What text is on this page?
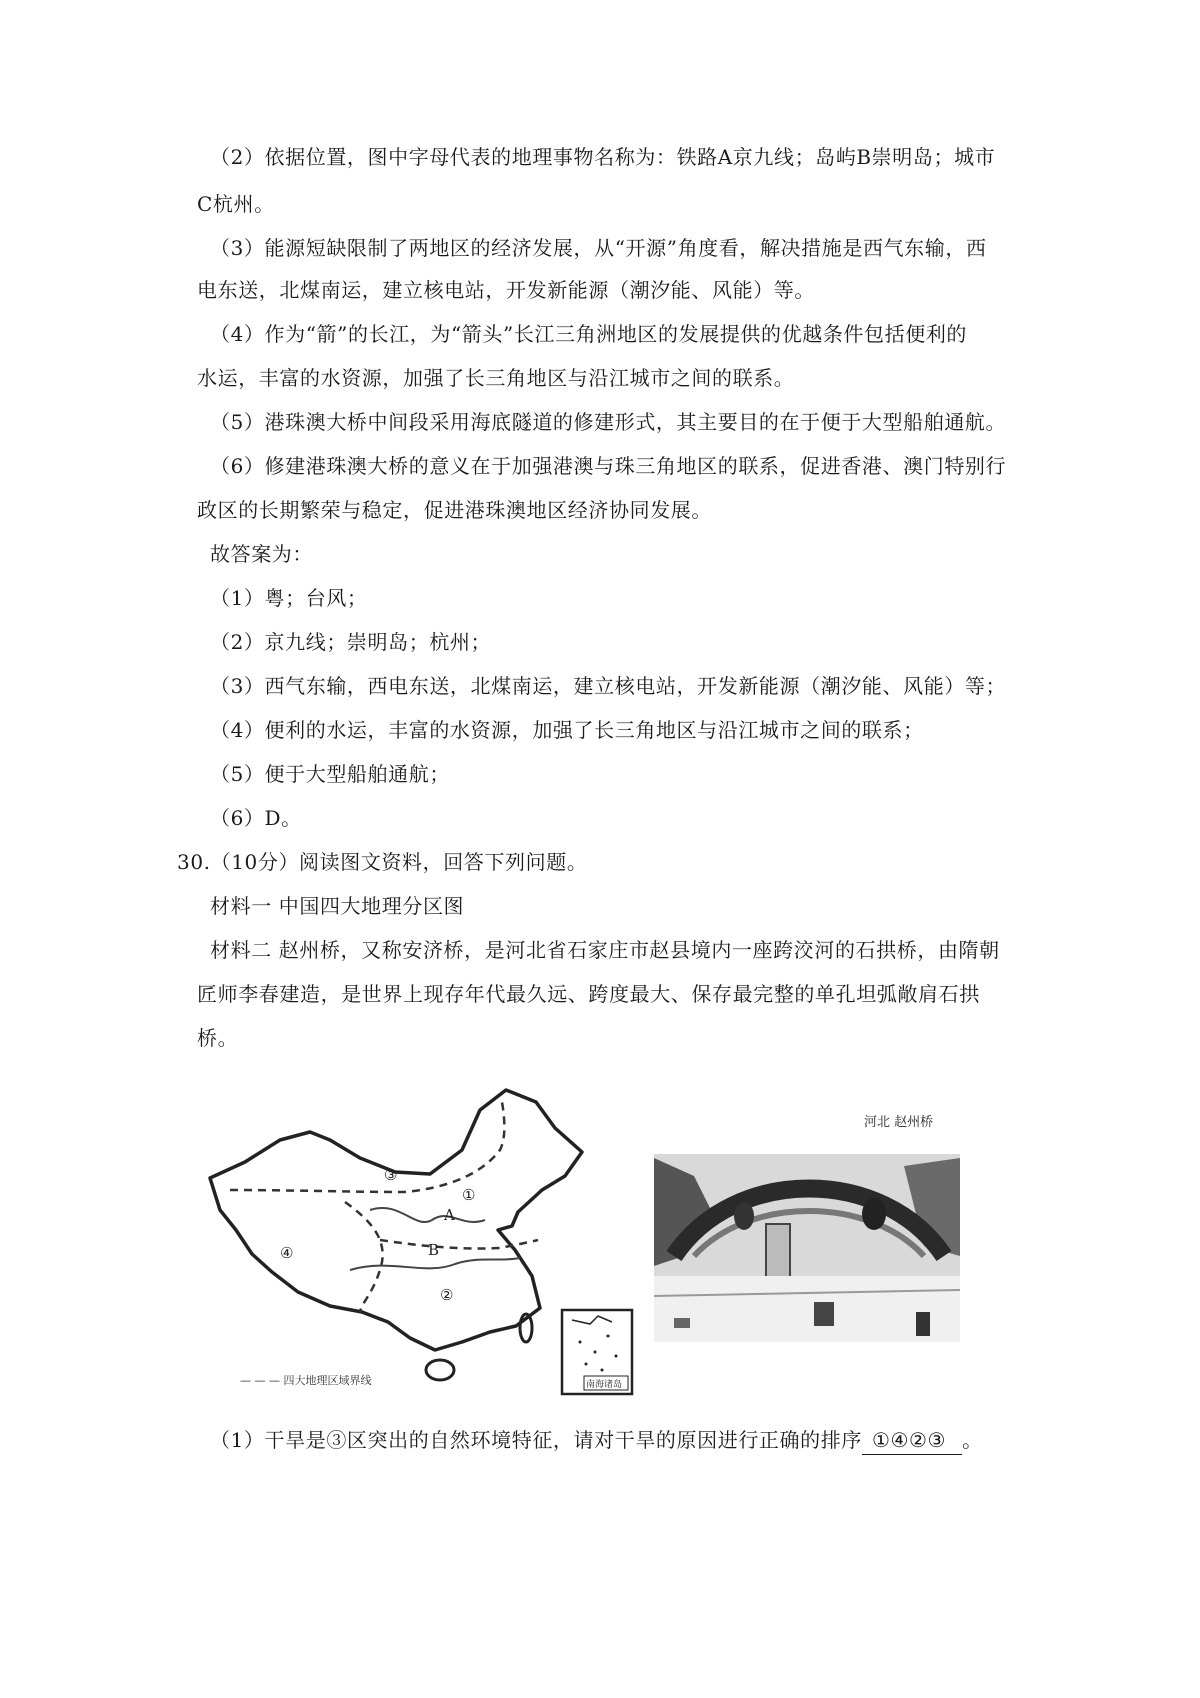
（2）依据位置，图中字母代表的地理事物名称为：铁路A京九线；岛屿B崇明岛；城市
C杭州。
（3）能源短缺限制了两地区的经济发展，从“开源”角度看，解决措施是西气东输，西
电东送，北煤南运，建立核电站，开发新能源（潮汐能、风能）等。
（4）作为“箭”的长江，为“箭头”长江三角洲地区的发展提供的优越条件包括便利的
水运，丰富的水资源，加强了长三角地区与沿江城市之间的联系。
（5）港珠澳大桥中间段采用海底隧道的修建形式，其主要目的在于便于大型船舶通航。
（6）修建港珠澳大桥的意义在于加强港澳与珠三角地区的联系，促进香港、澳门特别行
政区的长期繁荣与稳定，促进港珠澳地区经济协同发展。
故答案为：
（1）粤；台风；
（2）京九线；崇明岛；杭州；
（3）西气东输，西电东送，北煤南运，建立核电站，开发新能源（潮汐能、风能）等；
（4）便利的水运，丰富的水资源，加强了长三角地区与沿江城市之间的联系；
（5）便于大型船舶通航；
（6）D。
30.（10分）阅读图文资料，回答下列问题。
材料一 中国四大地理分区图
材料二 赵州桥，又称安济桥，是河北省石家庄市赵县境内一座跨洨河的石拱桥，由隋朝
匠师李春建造，是世界上现存年代最久远、跨度最大、保存最完整的单孔坦弧敞肩石拱
桥。
③
①
④
②
A
B
南海诸岛
— — — 四大地理区域界线
河北 赵州桥
（1）干旱是③区突出的自然环境特征，请对干旱的原因进行正确的排序 ①④②③ 。
